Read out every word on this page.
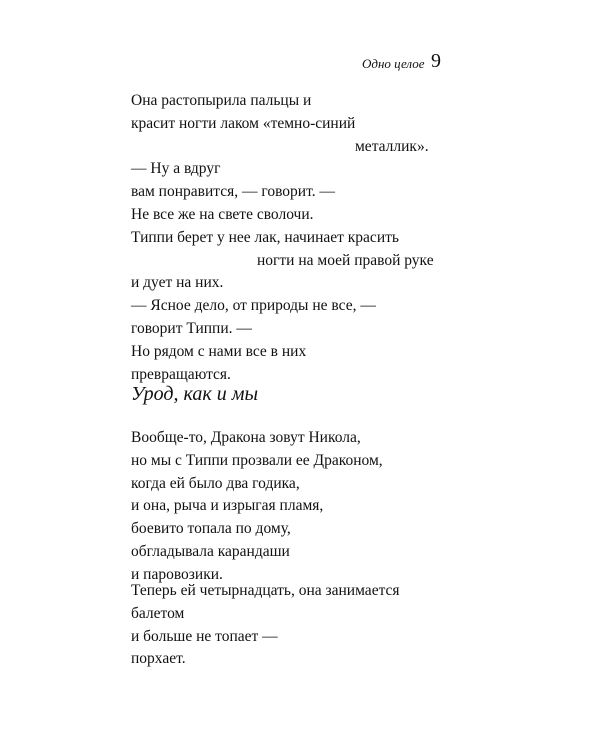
Одно целое 9
Она растопырила пальцы и
красит ногти лаком «темно-синий
металлик».
— Ну а вдруг
вам понравится, — говорит. —
Не все же на свете сволочи.
Типпи берет у нее лак, начинает красить
ногти на моей правой руке
и дует на них.
— Ясное дело, от природы не все, —
говорит Типпи. —
Но рядом с нами все в них
превращаются.
Урод, как и мы
Вообще-то, Дракона зовут Никола,
но мы с Типпи прозвали ее Драконом,
когда ей было два годика,
и она, рыча и изрыгая пламя,
боевито топала по дому,
обгладывала карандаши
и паровозики.
Теперь ей четырнадцать, она занимается
балетом
и больше не топает —
порхает.
